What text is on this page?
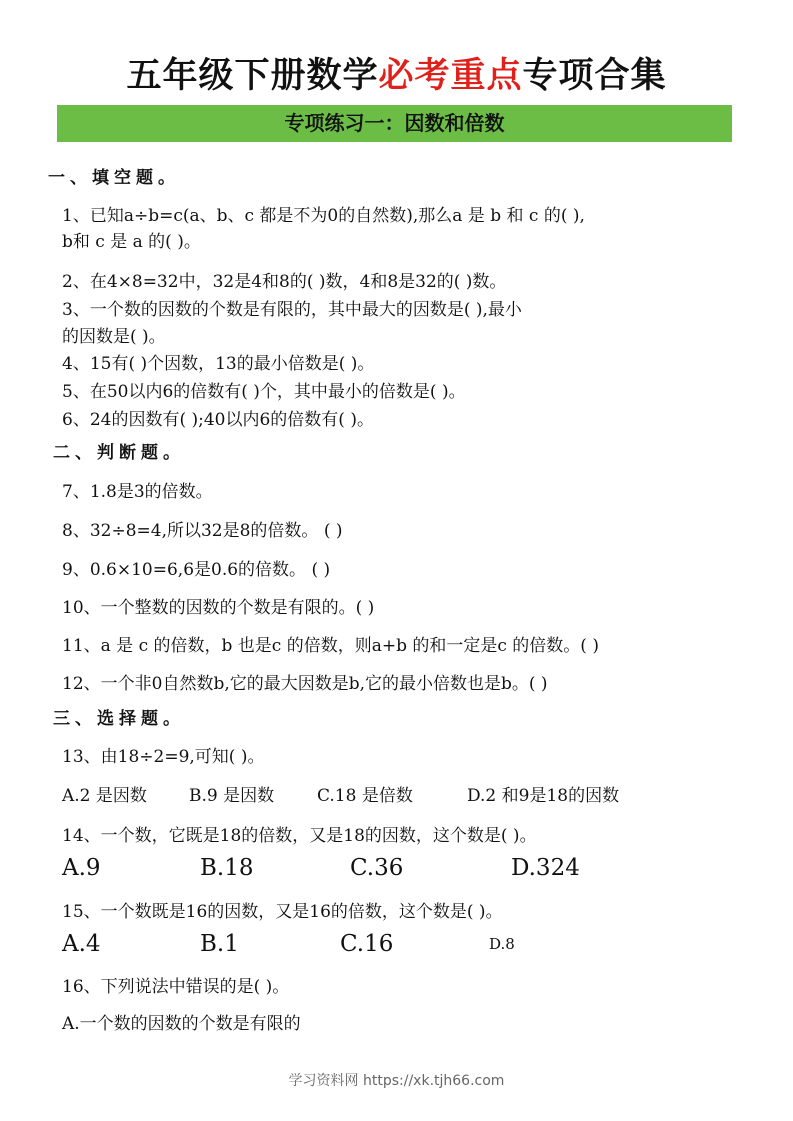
五年级下册数学必考重点专项合集
专项练习一：因数和倍数
一、填空题。
1、已知a÷b=c(a、b、c 都是不为0的自然数),那么a 是 b 和 c 的( ),
b和 c 是 a 的( )。
2、在4×8=32中，32是4和8的( )数，4和8是32的( )数。
3、一个数的因数的个数是有限的，其中最大的因数是( ),最小
的因数是( )。
4、15有( )个因数，13的最小倍数是( )。
5、在50以内6的倍数有( )个，其中最小的倍数是( )。
6、24的因数有( );40以内6的倍数有( )。
二、判断题。
7、1.8是3的倍数。
8、32÷8=4,所以32是8的倍数。 ( )
9、0.6×10=6,6是0.6的倍数。 ( )
10、一个整数的因数的个数是有限的。( )
11、a 是 c 的倍数，b 也是c 的倍数，则a+b 的和一定是c 的倍数。( )
12、一个非0自然数b,它的最大因数是b,它的最小倍数也是b。( )
三、选择题。
13、由18÷2=9,可知( )。
A.2 是因数 B.9 是因数	C.18 是倍数	D.2 和9是18的因数
14、一个数，它既是18的倍数，又是18的因数，这个数是( )。
A.9	B.18	C.36	D.324
15、一个数既是16的因数，又是16的倍数，这个数是( )。
A.4	B.1	C.16	D.8
16、下列说法中错误的是( )。
A.一个数的因数的个数是有限的
学习资料网 https://xk.tjh66.com
